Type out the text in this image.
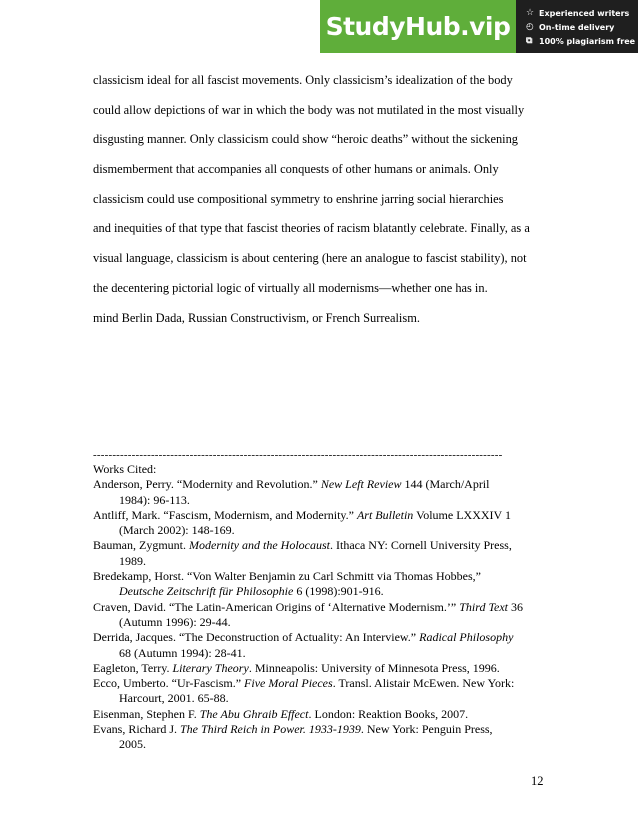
StudyHub.vip	☆ Experienced writers
◴ On-time delivery
⧉ 100% plagiarism free
classicism ideal for all fascist movements. Only classicism’s idealization of the body
could allow depictions of war in which the body was not mutilated in the most visually
disgusting manner. Only classicism could show “heroic deaths” without the sickening
dismemberment that accompanies all conquests of other humans or animals. Only
classicism could use compositional symmetry to enshrine jarring social hierarchies
and inequities of that type that fascist theories of racism blatantly celebrate. Finally, as a
visual language, classicism is about centering (here an analogue to fascist stability), not
the decentering pictorial logic of virtually all modernisms—whether one has in.
mind Berlin Dada, Russian Constructivism, or French Surrealism.
----------------------------------------------------------------------------------------------------------
Works Cited:
Anderson, Perry. “Modernity and Revolution.” New Left Review 144 (March/April
1984): 96-113.
Antliff, Mark. “Fascism, Modernism, and Modernity.” Art Bulletin Volume LXXXIV 1
(March 2002): 148-169.
Bauman, Zygmunt. Modernity and the Holocaust. Ithaca NY: Cornell University Press,
1989.
Bredekamp, Horst. “Von Walter Benjamin zu Carl Schmitt via Thomas Hobbes,”
Deutsche Zeitschrift für Philosophie 6 (1998):901-916.
Craven, David. “The Latin-American Origins of ‘Alternative Modernism.’” Third Text 36
(Autumn 1996): 29-44.
Derrida, Jacques. “The Deconstruction of Actuality: An Interview.” Radical Philosophy
68 (Autumn 1994): 28-41.
Eagleton, Terry. Literary Theory. Minneapolis: University of Minnesota Press, 1996.
Ecco, Umberto. “Ur-Fascism.” Five Moral Pieces. Transl. Alistair McEwen. New York:
Harcourt, 2001. 65-88.
Eisenman, Stephen F. The Abu Ghraib Effect. London: Reaktion Books, 2007.
Evans, Richard J. The Third Reich in Power. 1933-1939. New York: Penguin Press,
2005.
12
